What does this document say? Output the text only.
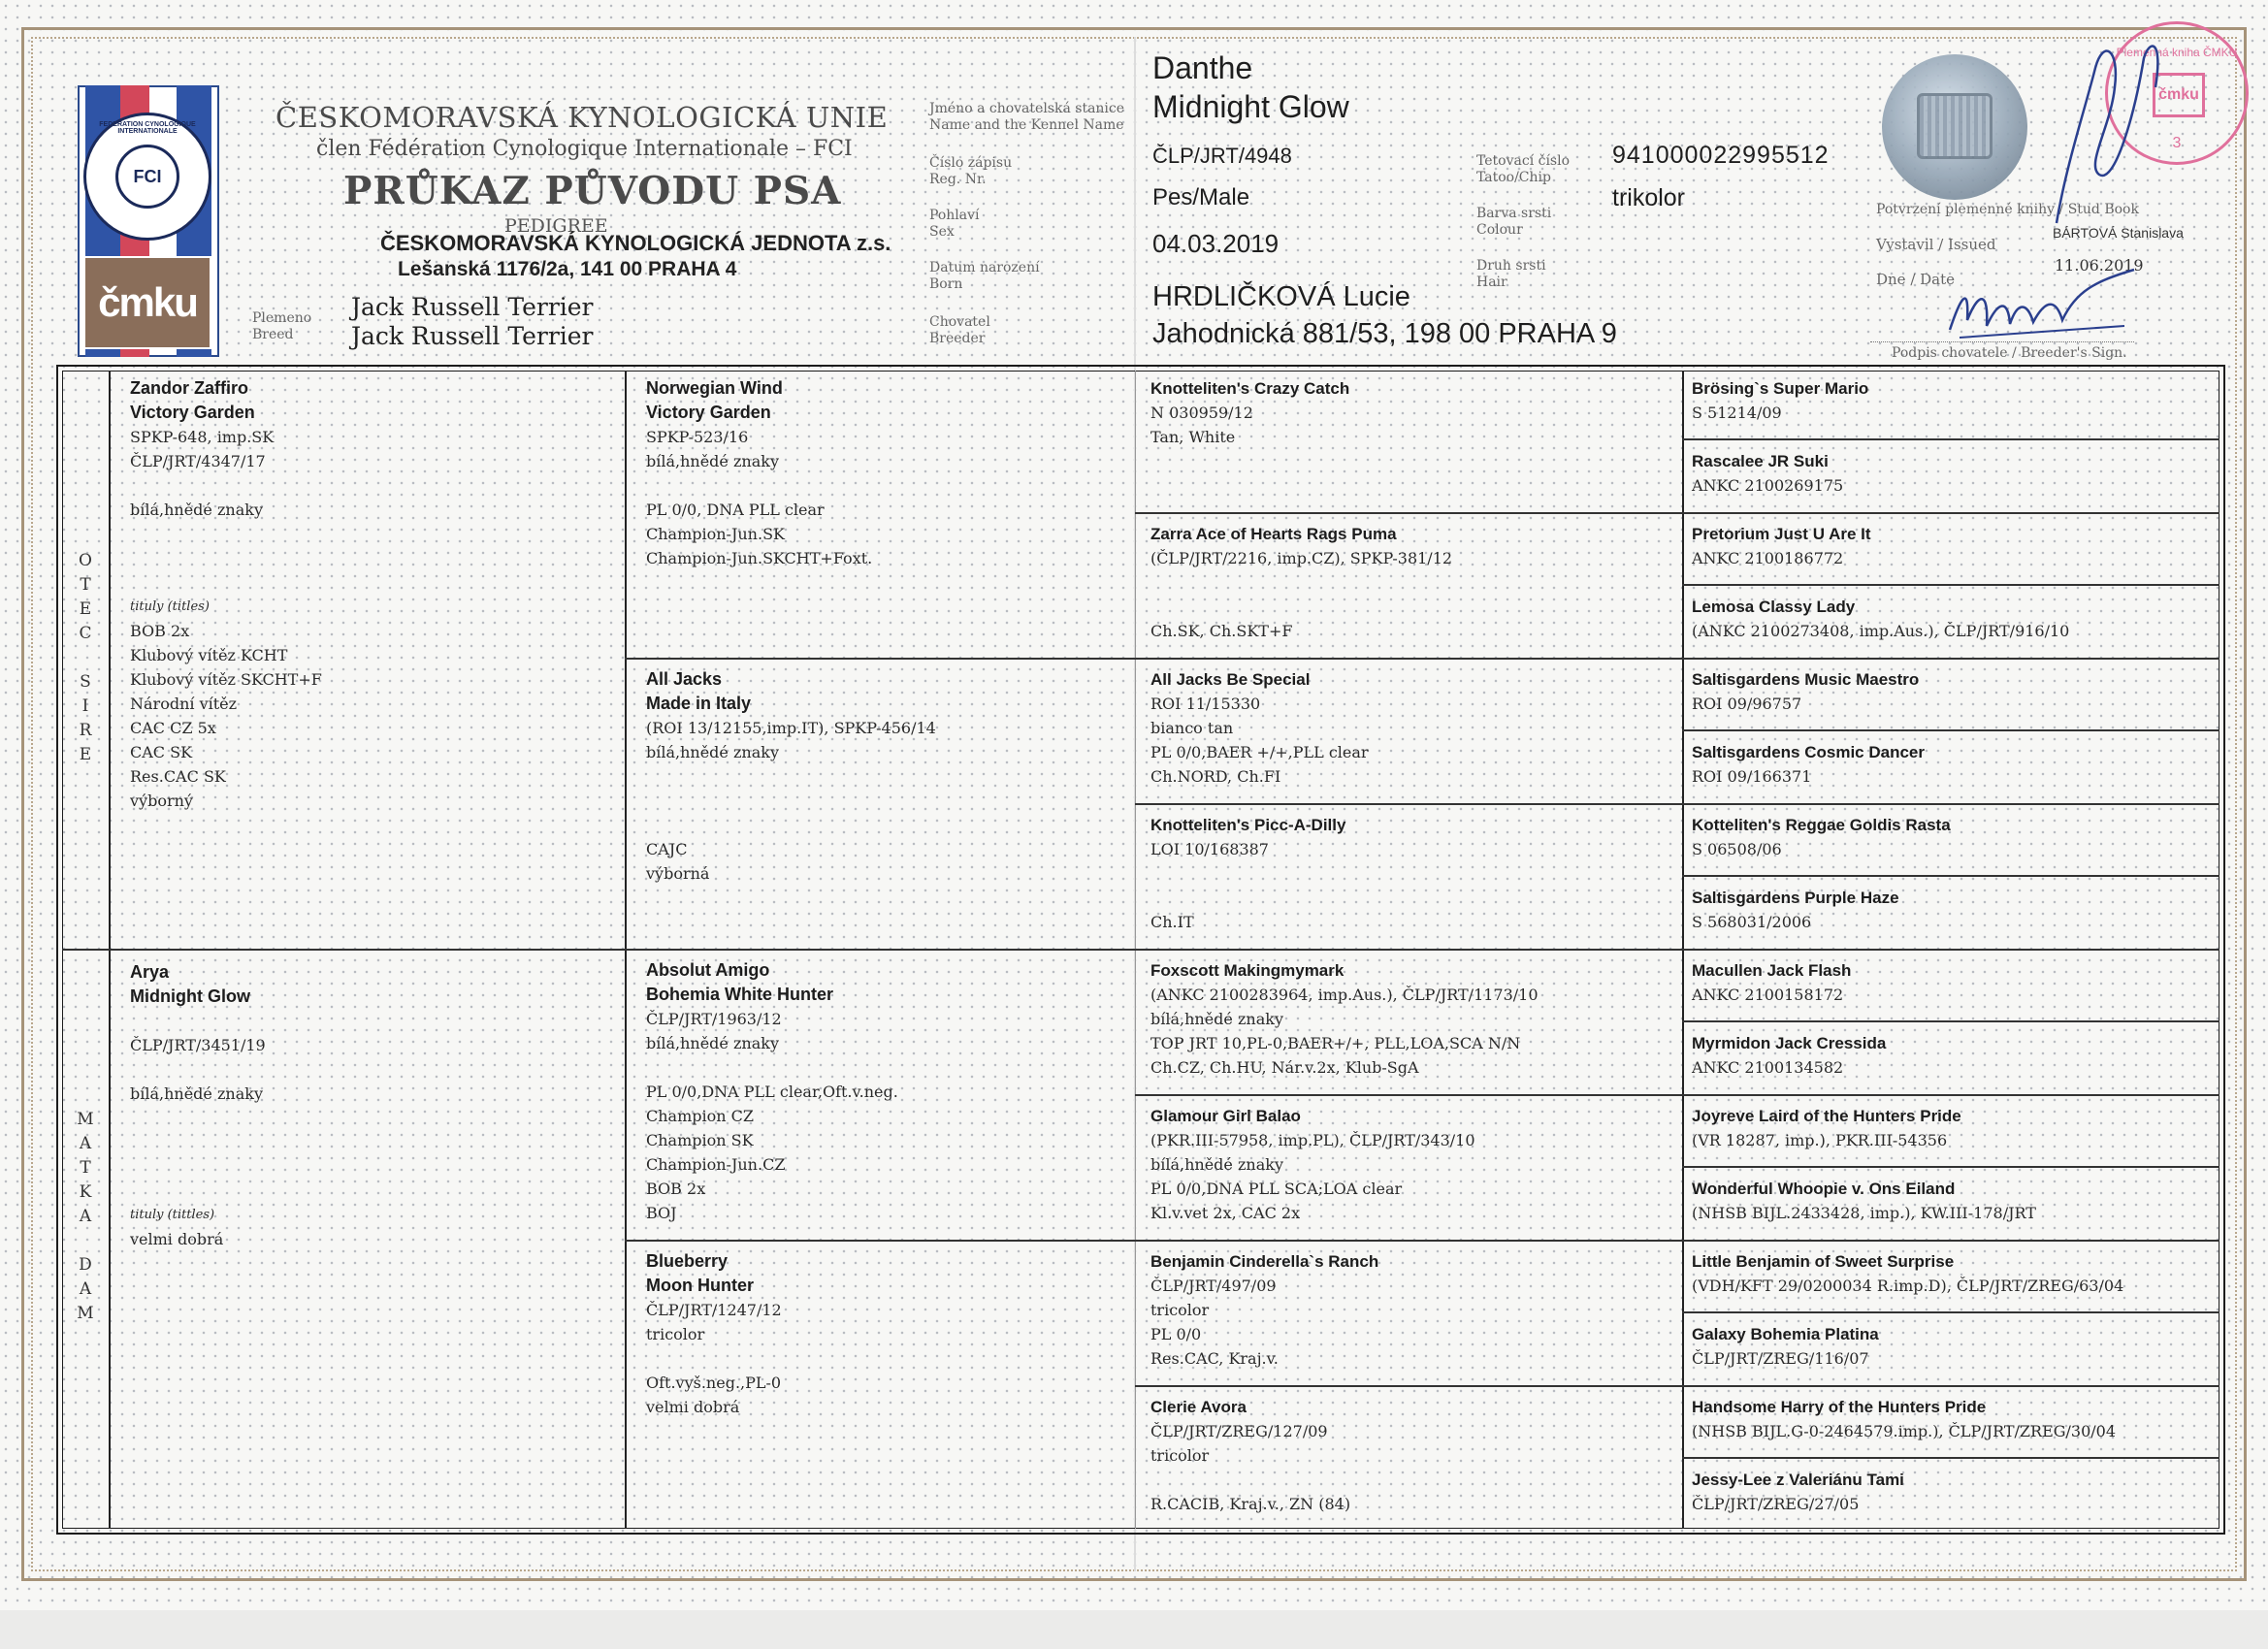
FEDERATION CYNOLOGIQUE INTERNATIONALE
FCI
čmku
ČESKOMORAVSKÁ KYNOLOGICKÁ UNIE
člen Fédération Cynologique Internationale – FCI
PRŮKAZ PŮVODU PSA
PEDIGREE
ČESKOMORAVSKÁ KYNOLOGICKÁ JEDNOTA z.s.
Lešanská 1176/2a, 141 00 PRAHA 4
Plemeno
Breed
Jack Russell Terrier
Jack Russell Terrier
Jméno a chovatelská stanice
Name and the Kennel Name
Číslo zápisu
Reg. Nr.
Pohlaví
Sex
Datum narození
Born
Chovatel
Breeder
Danthe
Midnight Glow
ČLP/JRT/4948
Pes/Male
04.03.2019
HRDLIČKOVÁ Lucie
Jahodnická 881/53, 198 00 PRAHA 9
Tetovací číslo
Tatoo/Chip
Barva srsti
Colour
Druh srsti
Hair
941000022995512
trikolor
Plemenná kniha ČMKU
čmku
3
Potvrzení plemenné knihy / Stud Book
Vystavil / Issued
BÁRTOVÁ Stanislava
Dne / Date
11.06.2019
Podpis chovatele / Breeder's Sign.
O
T
E
C

S
I
R
E
M
A
T
K
A

D
A
M
Zandor Zaffiro
Victory Garden
SPKP-648, imp.SK
ČLP/JRT/4347/17

bílá,hnědé znaky

tituly (titles)
BOB 2x
Klubový vítěz KCHT
Klubový vítěz SKCHT+F
Národní vítěz
CAC CZ 5x
CAC SK
Res.CAC SK
výborný
Arya
Midnight Glow

ČLP/JRT/3451/19

bílá,hnědé znaky

tituly (tittles)
velmi dobrá
Norwegian Wind
Victory Garden
SPKP-523/16
bílá,hnědé znaky

PL 0/0, DNA PLL clear
Champion-Jun.SK
Champion-Jun.SKCHT+Foxt.
All Jacks
Made in Italy
(ROI 13/12155,imp.IT), SPKP-456/14
bílá,hnědé znaky

CAJC
výborná
Absolut Amigo
Bohemia White Hunter
ČLP/JRT/1963/12
bílá,hnědé znaky

PL 0/0,DNA PLL clear,Oft.v.neg.
Champion CZ
Champion SK
Champion-Jun.CZ
BOB 2x
BOJ
Blueberry
Moon Hunter
ČLP/JRT/1247/12
tricolor

Oft.vyš.neg.,PL-0
velmi dobrá
Knotteliten's Crazy Catch
N 030959/12
Tan, White
Zarra Ace of Hearts Rags Puma
(ČLP/JRT/2216, imp.CZ), SPKP-381/12

Ch.SK, Ch.SKT+F
All Jacks Be Special
ROI 11/15330
bianco tan
PL 0/0,BAER +/+,PLL clear
Ch.NORD, Ch.FI
Knotteliten's Picc-A-Dilly
LOI 10/168387

Ch.IT
Foxscott Makingmymark
(ANKC 2100283964, imp.Aus.), ČLP/JRT/1173/10
bílá,hnědé znaky
TOP JRT 10,PL-0,BAER+/+, PLL,LOA,SCA N/N
Ch.CZ, Ch.HU, Nár.v.2x, Klub-SgA
Glamour Girl Balao
(PKR.III-57958, imp.PL), ČLP/JRT/343/10
bílá,hnědé znaky
PL 0/0,DNA PLL SCA;LOA clear
Kl.v.vet 2x, CAC 2x
Benjamin Cinderella`s Ranch
ČLP/JRT/497/09
tricolor
PL 0/0
Res.CAC, Kraj.v.
Clerie Avora
ČLP/JRT/ZREG/127/09
tricolor

R.CACIB, Kraj.v., ZN (84)
Brösing`s Super Mario
S 51214/09
Rascalee JR Suki
ANKC 2100269175
Pretorium Just U Are It
ANKC 2100186772
Lemosa Classy Lady
(ANKC 2100273408, imp.Aus.), ČLP/JRT/916/10
Saltisgardens Music Maestro
ROI 09/96757
Saltisgardens Cosmic Dancer
ROI 09/166371
Kotteliten's Reggae Goldis Rasta
S 06508/06
Saltisgardens Purple Haze
S 568031/2006
Macullen Jack Flash
ANKC 2100158172
Myrmidon Jack Cressida
ANKC 2100134582
Joyreve Laird of the Hunters Pride
(VR 18287, imp.), PKR.III-54356
Wonderful Whoopie v. Ons Eiland
(NHSB BIJL.2433428, imp.), KW.III-178/JRT
Little Benjamin of Sweet Surprise
(VDH/KFT 29/0200034 R.imp.D), ČLP/JRT/ZREG/63/04
Galaxy Bohemia Platina
ČLP/JRT/ZREG/116/07
Handsome Harry of the Hunters Pride
(NHSB BIJL.G-0-2464579.imp.), ČLP/JRT/ZREG/30/04
Jessy-Lee z Valeriánu Tami
ČLP/JRT/ZREG/27/05
